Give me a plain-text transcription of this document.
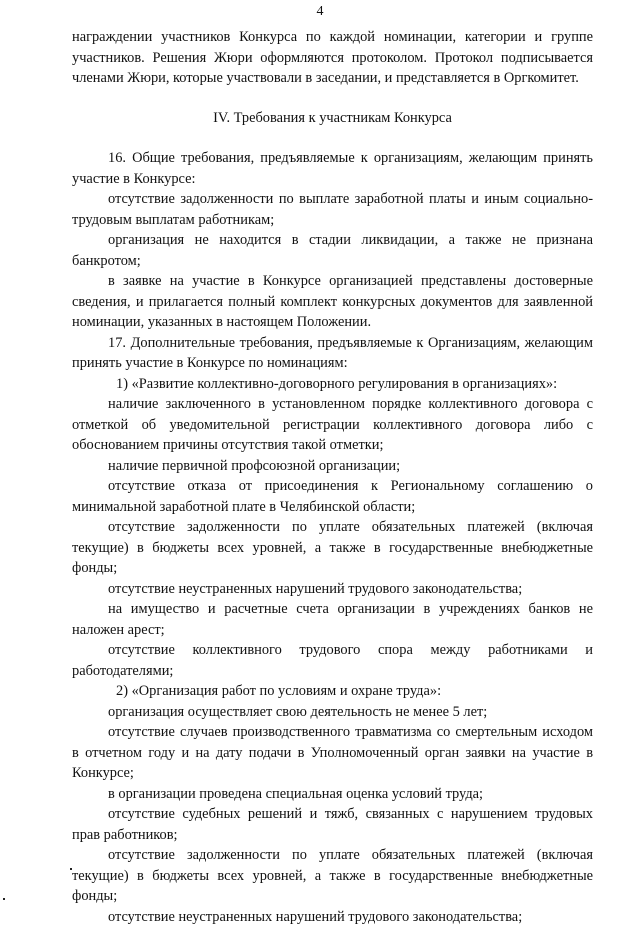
4

награждении участников Конкурса по каждой номинации, категории и группе участников. Решения Жюри оформляются протоколом. Протокол подписывается членами Жюри, которые участвовали в заседании, и представляется в Оргкомитет.

IV. Требования к участникам Конкурса

16. Общие требования, предъявляемые к организациям, желающим принять участие в Конкурсе:

отсутствие задолженности по выплате заработной платы и иным социально-трудовым выплатам работникам;

организация не находится в стадии ликвидации, а также не признана банкротом;

в заявке на участие в Конкурсе организацией представлены достоверные сведения, и прилагается полный комплект конкурсных документов для заявленной номинации, указанных в настоящем Положении.

17. Дополнительные требования, предъявляемые к Организациям, желающим принять участие в Конкурсе по номинациям:

1) «Развитие коллективно-договорного регулирования в организациях»:

наличие заключенного в установленном порядке коллективного договора с отметкой об уведомительной регистрации коллективного договора либо с обоснованием причины отсутствия такой отметки;

наличие первичной профсоюзной организации;

отсутствие отказа от присоединения к Региональному соглашению о минимальной заработной плате в Челябинской области;

отсутствие задолженности по уплате обязательных платежей (включая текущие) в бюджеты всех уровней, а также в государственные внебюджетные фонды;

отсутствие неустраненных нарушений трудового законодательства;

на имущество и расчетные счета организации в учреждениях банков не наложен арест;

отсутствие коллективного трудового спора между работниками и работодателями;

2) «Организация работ по условиям и охране труда»:

организация осуществляет свою деятельность не менее 5 лет;

отсутствие случаев производственного травматизма со смертельным исходом в отчетном году и на дату подачи в Уполномоченный орган заявки на участие в Конкурсе;

в организации проведена специальная оценка условий труда;

отсутствие судебных решений и тяжб, связанных с нарушением трудовых прав работников;

отсутствие задолженности по уплате обязательных платежей (включая текущие) в бюджеты всех уровней, а также в государственные внебюджетные фонды;

отсутствие неустраненных нарушений трудового законодательства;
